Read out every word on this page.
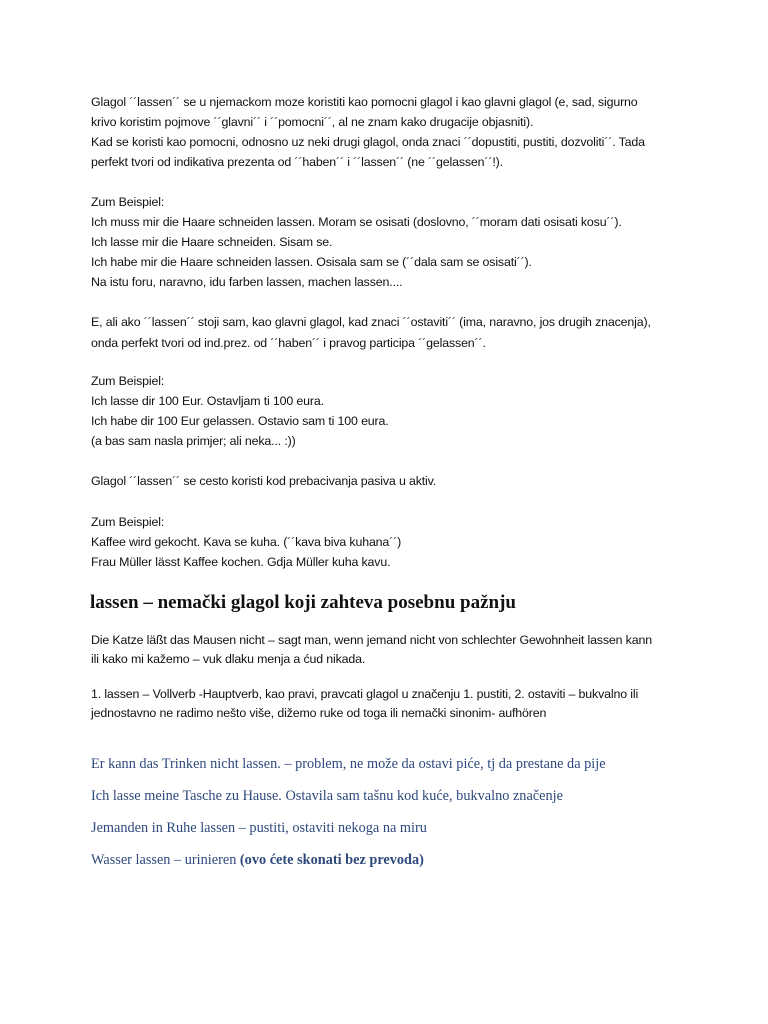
Glagol ´´lassen´´ se u njemackom moze koristiti kao pomocni glagol i kao glavni glagol (e, sad, sigurno
krivo koristim pojmove ´´glavni´´ i ´´pomocni´´, al ne znam kako drugacije objasniti).
Kad se koristi kao pomocni, odnosno uz neki drugi glagol, onda znaci ´´dopustiti, pustiti, dozvoliti´´. Tada
perfekt tvori od indikativa prezenta od ´´haben´´ i ´´lassen´´ (ne ´´gelassen´´!).
Zum Beispiel:
Ich muss mir die Haare schneiden lassen. Moram se osisati (doslovno, ´´moram dati osisati kosu´´).
Ich lasse mir die Haare schneiden. Sisam se.
Ich habe mir die Haare schneiden lassen. Osisala sam se (´´dala sam se osisati´´).
Na istu foru, naravno, idu farben lassen, machen lassen....
E, ali ako ´´lassen´´ stoji sam, kao glavni glagol, kad znaci ´´ostaviti´´ (ima, naravno, jos drugih znacenja),
onda perfekt tvori od ind.prez. od ´´haben´´ i pravog participa ´´gelassen´´.
Zum Beispiel:
Ich lasse dir 100 Eur. Ostavljam ti 100 eura.
Ich habe dir 100 Eur gelassen. Ostavio sam ti 100 eura.
(a bas sam nasla primjer; ali neka... :))
Glagol ´´lassen´´ se cesto koristi kod prebacivanja pasiva u aktiv.
Zum Beispiel:
Kaffee wird gekocht. Kava se kuha. (´´kava biva kuhana´´)
Frau Müller lässt Kaffee kochen. Gdja Müller kuha kavu.
lassen – nemački glagol koji zahteva posebnu pažnju
Die Katze läßt das Mausen nicht – sagt man, wenn jemand nicht von schlechter Gewohnheit lassen kann
ili kako mi kažemo – vuk dlaku menja a ćud nikada.
1. lassen – Vollverb -Hauptverb, kao pravi, pravcati glagol u značenju 1. pustiti, 2. ostaviti – bukvalno ili
jednostavno ne radimo nešto više, dižemo ruke od toga ili nemački sinonim- aufhören
Er kann das Trinken nicht lassen. – problem, ne može da ostavi piće, tj da prestane da pije
Ich lasse meine Tasche zu Hause. Ostavila sam tašnu kod kuće, bukvalno značenje
Jemanden in Ruhe lassen – pustiti, ostaviti nekoga na miru
Wasser lassen – urinieren (ovo ćete skonati bez prevoda)
